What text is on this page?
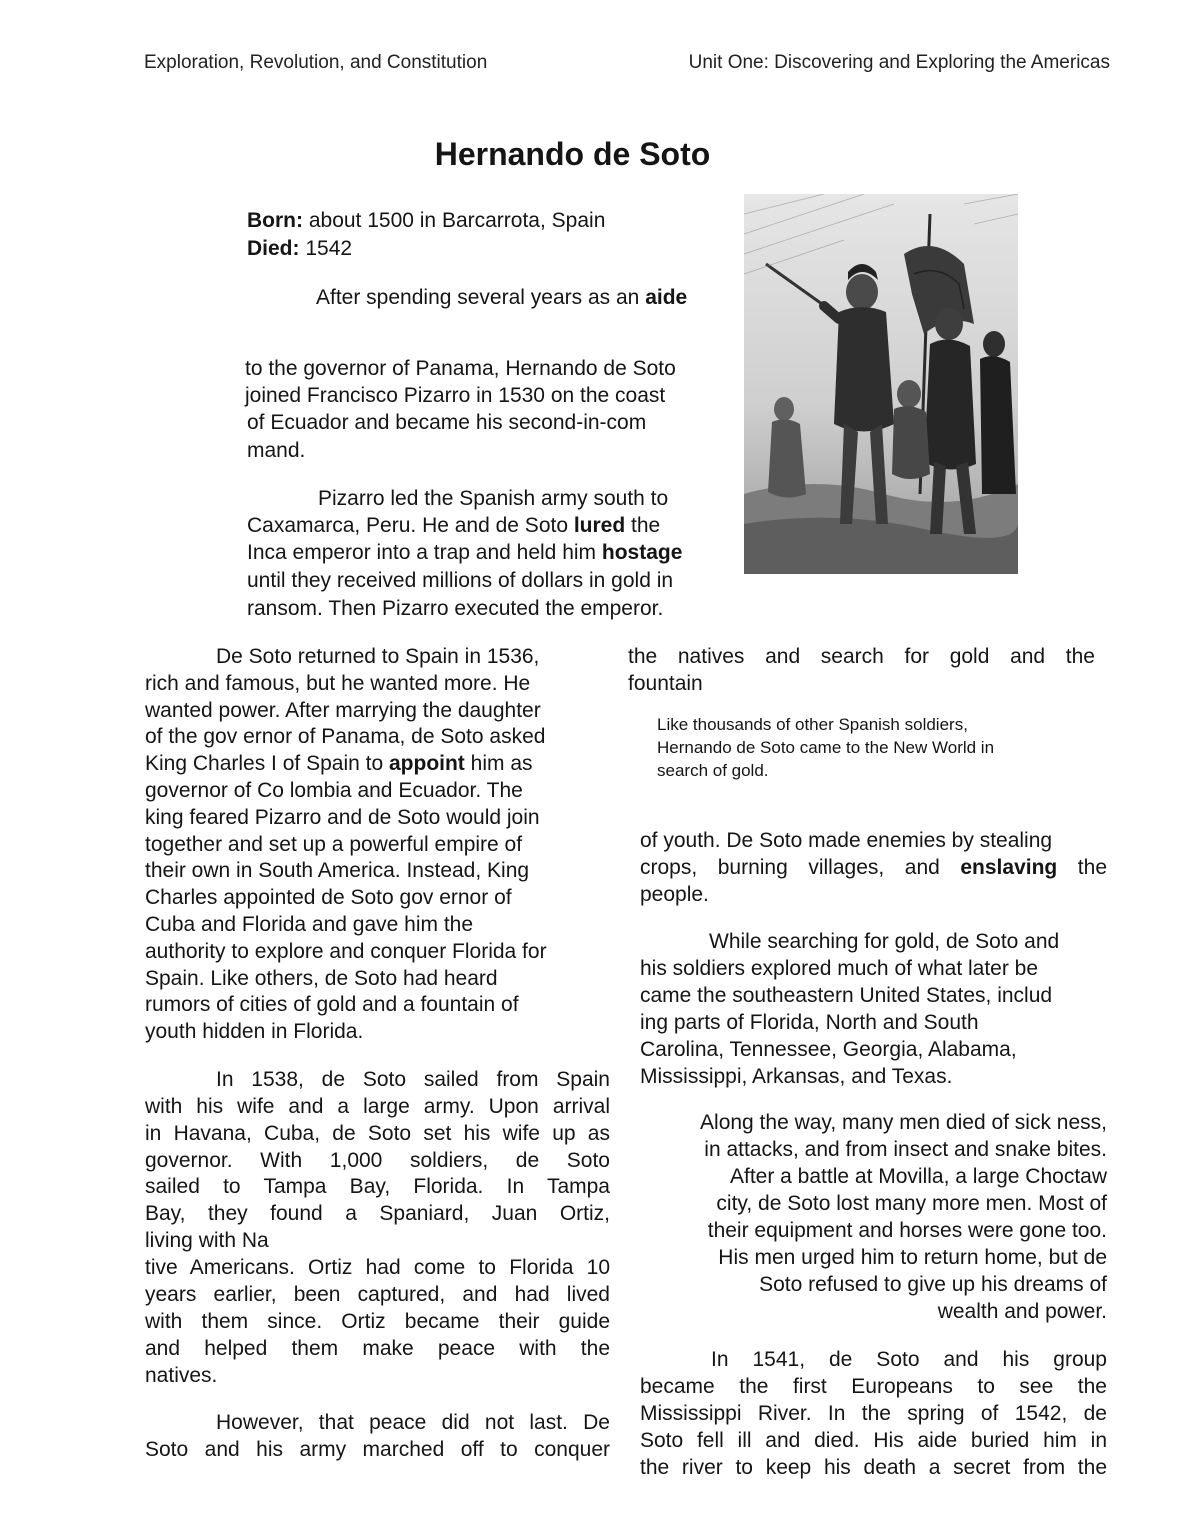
Exploration, Revolution, and Constitution	Unit One: Discovering and Exploring the Americas
Hernando de Soto
Born: about 1500 in Barcarrota, Spain
Died: 1542
After spending several years as an aide
to the governor of Panama, Hernando de Soto
joined Francisco Pizarro in 1530 on the coast
of Ecuador and became his second-in-com
mand.
Pizarro led the Spanish army south to
Caxamarca, Peru. He and de Soto lured the
Inca emperor into a trap and held him hostage
until they received millions of dollars in gold in
ransom. Then Pizarro executed the emperor.
De Soto returned to Spain in 1536,
rich and famous, but he wanted more. He
wanted power. After marrying the daughter
of the gov ernor of Panama, de Soto asked
King Charles I of Spain to appoint him as
governor of Co lombia and Ecuador. The
king feared Pizarro and de Soto would join
together and set up a powerful empire of
their own in South America. Instead, King
Charles appointed de Soto gov ernor of
Cuba and Florida and gave him the
authority to explore and conquer Florida for
Spain. Like others, de Soto had heard
rumors of cities of gold and a fountain of
youth hidden in Florida.
In 1538, de Soto sailed from Spain
with his wife and a large army. Upon arrival
in Havana, Cuba, de Soto set his wife up as
governor. With 1,000 soldiers, de Soto
sailed to Tampa Bay, Florida. In Tampa
Bay, they found a Spaniard, Juan Ortiz,
living with Na
tive Americans. Ortiz had come to Florida 10
years earlier, been captured, and had lived
with them since. Ortiz became their guide
and helped them make peace with the
natives.
However, that peace did not last. De
Soto and his army marched off to conquer
the natives and search for gold and the
fountain
Like thousands of other Spanish soldiers,
Hernando de Soto came to the New World in
search of gold.
of youth. De Soto made enemies by stealing
crops, burning villages, and enslaving the
people.
While searching for gold, de Soto and
his soldiers explored much of what later be
came the southeastern United States, includ
ing parts of Florida, North and South
Carolina, Tennessee, Georgia, Alabama,
Mississippi, Arkansas, and Texas.
Along the way, many men died of sick ness,
in attacks, and from insect and snake bites.
After a battle at Movilla, a large Choctaw
city, de Soto lost many more men. Most of
their equipment and horses were gone too.
His men urged him to return home, but de
Soto refused to give up his dreams of
wealth and power.
In 1541, de Soto and his group
became the first Europeans to see the
Mississippi River. In the spring of 1542, de
Soto fell ill and died. His aide buried him in
the river to keep his death a secret from the
